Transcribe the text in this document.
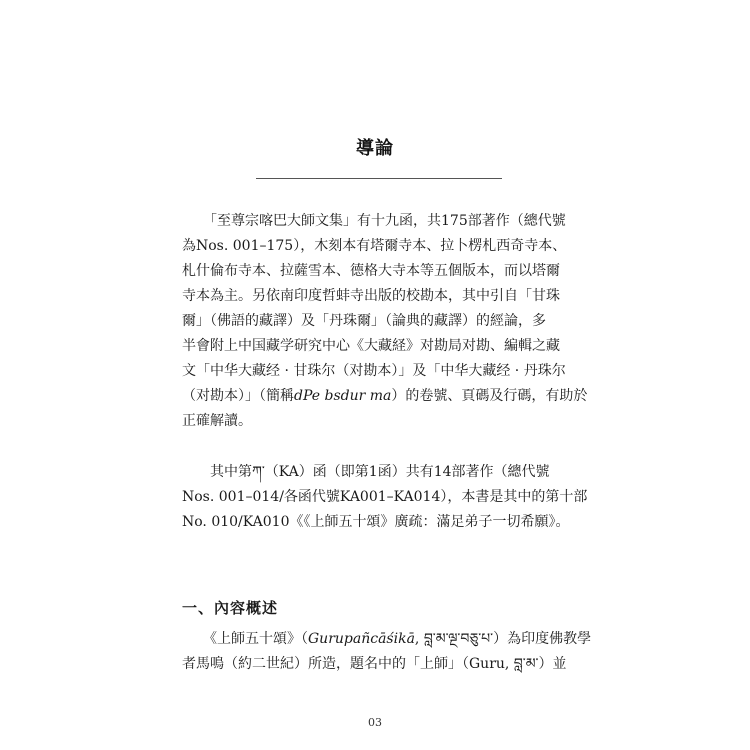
導論
　　「至尊宗喀巴大師文集」有十九函，共175部著作（總代號
為Nos. 001–175），木刻本有塔爾寺本、拉卜楞札西奇寺本、
札什倫布寺本、拉薩雪本、德格大寺本等五個版本，而以塔爾
寺本為主。另依南印度哲蚌寺出版的校勘本，其中引自「甘珠
爾」（佛語的藏譯）及「丹珠爾」（論典的藏譯）的經論，多
半會附上中国藏学研究中心《大藏経》对勘局对勘、編輯之藏
文「中华大藏经 · 甘珠尔（对勘本）」及「中华大藏经 · 丹珠尔
（对勘本）」（簡稱dPe bsdur ma）的卷號、頁碼及行碼，有助於
正確解讀。
　　其中第ཀ་（KA）函（即第1函）共有14部著作（總代號
Nos. 001–014/各函代號KA001–KA014），本書是其中的第十部
No. 010/KA010《《上師五十頌》廣疏：滿足弟子一切希願》。
一、內容概述
　　《上師五十頌》（Gurupañcāśikā, བླ་མ་ལྔ་བཅུ་པ་）為印度佛教學
者馬鳴（約二世紀）所造，題名中的「上師」（Guru, བླ་མ་）並
03
